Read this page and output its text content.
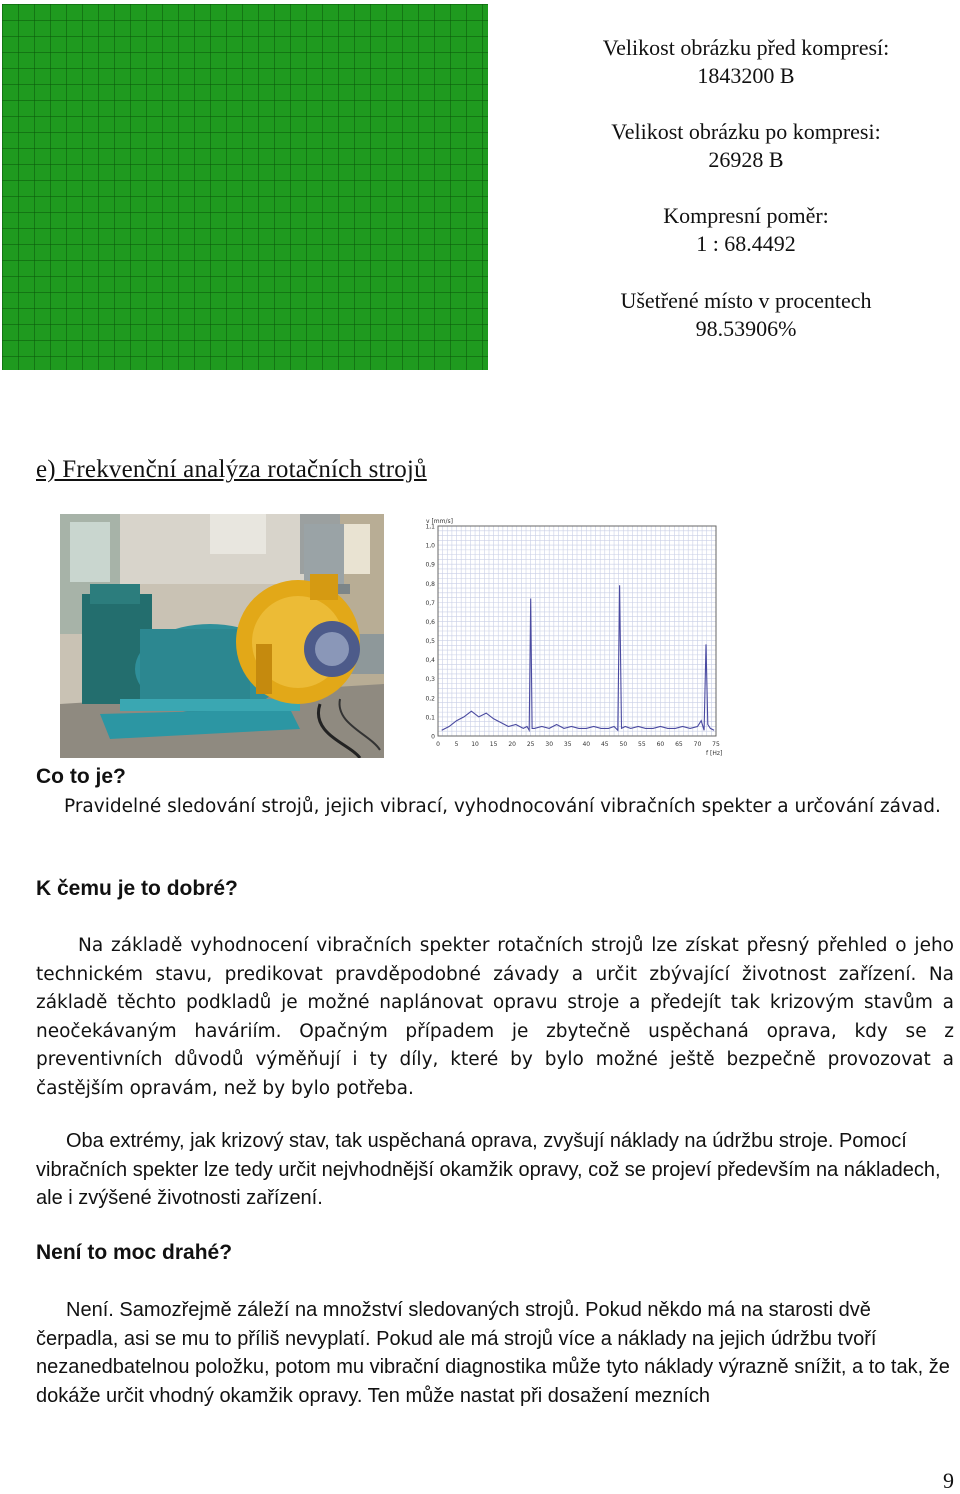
Velikost obrázku před kompresí:
1843200 B
Velikost obrázku po kompresi:
26928 B
Kompresní poměr:
1 : 68.4492
Ušetřené místo v procentech
98.53906%
e) Frekvenční analýza rotačních strojů
1,1
1,0
0,9
0,8
0,7
0,6
0,5
0,4
0,3
0,2
0,1
0
0 5 10 15 20 25 30 35 40 45 50 55 60 65 70 75
v [mm/s]
f [Hz]
Co to je?
Pravidelné sledování strojů, jejich vibrací, vyhodnocování vibračních spekter a určování závad.
K čemu je to dobré?
Na základě vyhodnocení vibračních spekter rotačních strojů lze získat přesný přehled o jeho technickém stavu, predikovat pravděpodobné závady a určit zbývající životnost zařízení. Na základě těchto podkladů je možné naplánovat opravu stroje a předejít tak krizovým stavům a neočekávaným haváriím. Opačným případem je zbytečně uspěchaná oprava, kdy se z preventivních důvodů výměňují i ty díly, které by bylo možné ještě bezpečně provozovat a častějším opravám, než by bylo potřeba.
Oba extrémy, jak krizový stav, tak uspěchaná oprava, zvyšují náklady na údržbu stroje. Pomocí vibračních spekter lze tedy určit nejvhodnější okamžik opravy, což se projeví především na nákladech, ale i zvýšené životnosti zařízení.
Není to moc drahé?
Není. Samozřejmě záleží na množství sledovaných strojů. Pokud někdo má na starosti dvě čerpadla, asi se mu to příliš nevyplatí. Pokud ale má strojů více a náklady na jejich údržbu tvoří nezanedbatelnou položku, potom mu vibrační diagnostika může tyto náklady výrazně snížit, a to tak, že dokáže určit vhodný okamžik opravy. Ten může nastat při dosažení mezních
9
